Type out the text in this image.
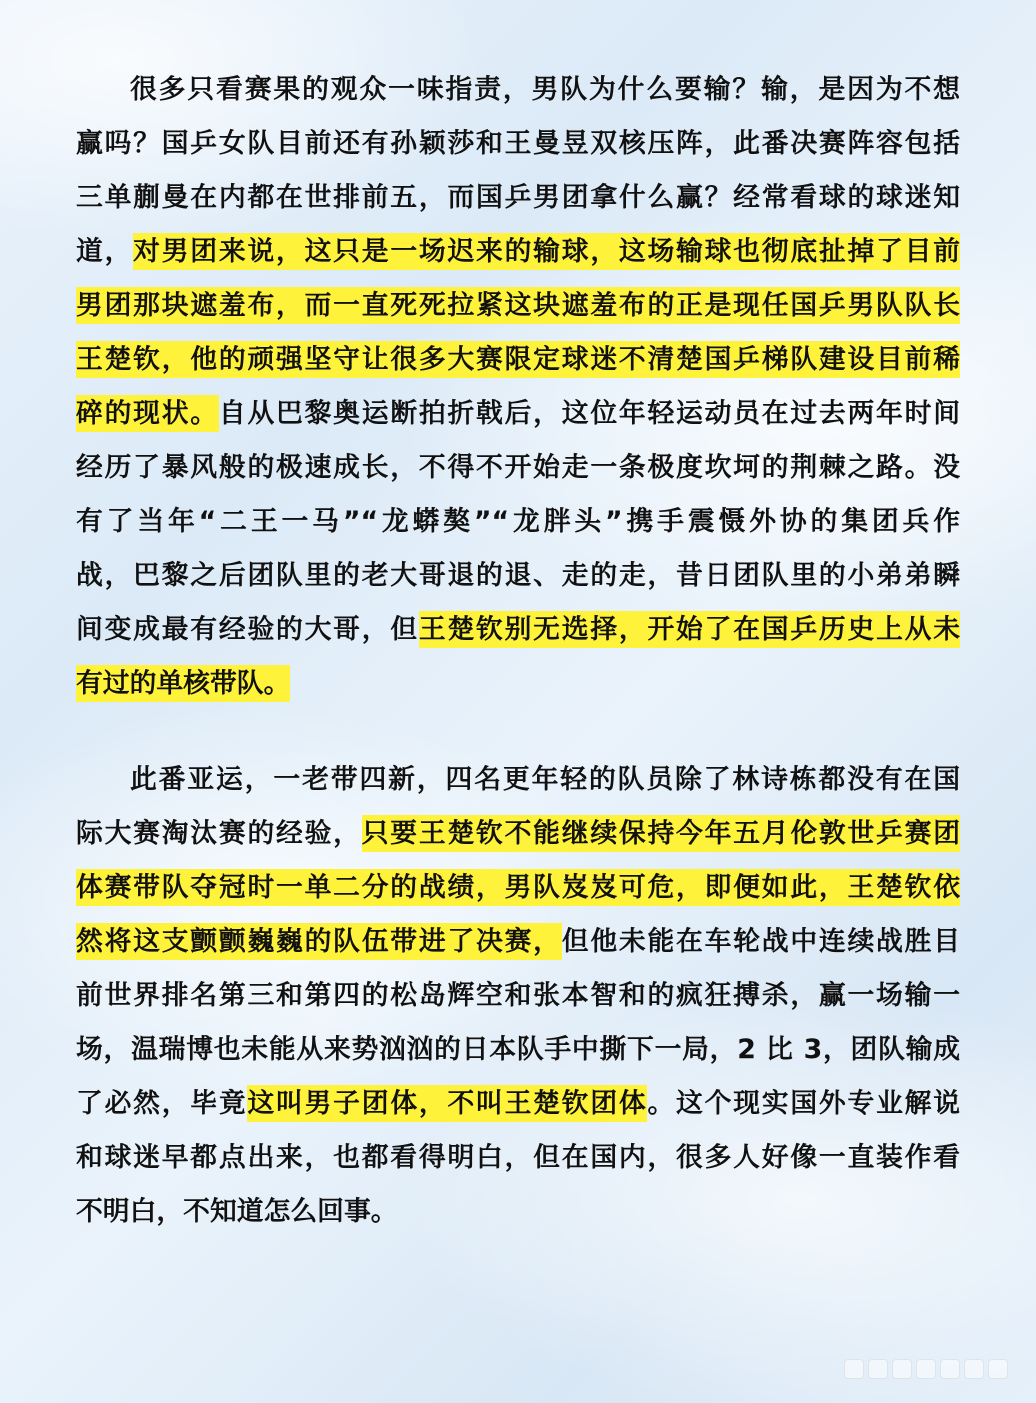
很多只看赛果的观众一味指责，男队为什么要输？输，是因为不想
赢吗？国乒女队目前还有孙颖莎和王曼昱双核压阵，此番决赛阵容包括
三单蒯曼在内都在世排前五，而国乒男团拿什么赢？经常看球的球迷知
道，对男团来说，这只是一场迟来的输球，这场输球也彻底扯掉了目前
男团那块遮羞布，而一直死死拉紧这块遮羞布的正是现任国乒男队队长
王楚钦，他的顽强坚守让很多大赛限定球迷不清楚国乒梯队建设目前稀
碎的现状。自从巴黎奥运断拍折戟后，这位年轻运动员在过去两年时间
经历了暴风般的极速成长，不得不开始走一条极度坎坷的荆棘之路。没
有了当年“二王一马”“龙蟒獒”“龙胖头”携手震慑外协的集团兵作
战，巴黎之后团队里的老大哥退的退、走的走，昔日团队里的小弟弟瞬
间变成最有经验的大哥，但王楚钦别无选择，开始了在国乒历史上从未
有过的单核带队。
此番亚运，一老带四新，四名更年轻的队员除了林诗栋都没有在国
际大赛淘汰赛的经验，只要王楚钦不能继续保持今年五月伦敦世乒赛团
体赛带队夺冠时一单二分的战绩，男队岌岌可危，即便如此，王楚钦依
然将这支颤颤巍巍的队伍带进了决赛，但他未能在车轮战中连续战胜目
前世界排名第三和第四的松岛辉空和张本智和的疯狂搏杀，赢一场输一
场，温瑞博也未能从来势汹汹的日本队手中撕下一局，2 比 3，团队输成
了必然，毕竟这叫男子团体，不叫王楚钦团体。这个现实国外专业解说
和球迷早都点出来，也都看得明白，但在国内，很多人好像一直装作看
不明白，不知道怎么回事。
